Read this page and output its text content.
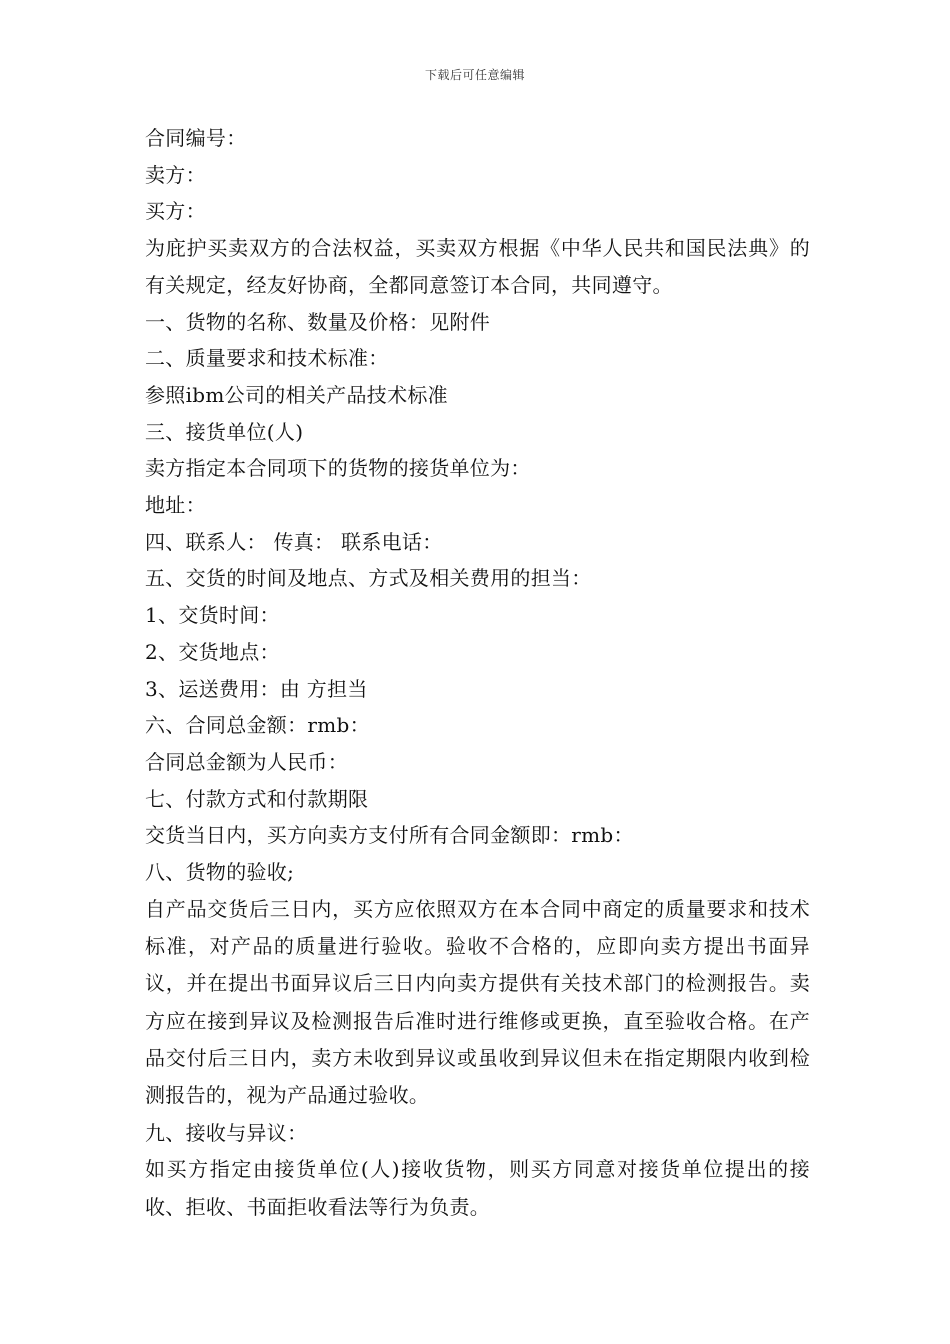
下载后可任意编辑
合同编号：
卖方：
买方：
为庇护买卖双方的合法权益，买卖双方根据《中华人民共和国民法典》的有关规定，经友好协商，全都同意签订本合同，共同遵守。
一、货物的名称、数量及价格：见附件
二、质量要求和技术标准：
参照ibm公司的相关产品技术标准
三、接货单位(人)
卖方指定本合同项下的货物的接货单位为：
地址：
四、联系人： 传真： 联系电话：
五、交货的时间及地点、方式及相关费用的担当：
1、交货时间：
2、交货地点：
3、运送费用：由 方担当
六、合同总金额：rmb：
合同总金额为人民币：
七、付款方式和付款期限
交货当日内，买方向卖方支付所有合同金额即：rmb：
八、货物的验收;
自产品交货后三日内，买方应依照双方在本合同中商定的质量要求和技术标准，对产品的质量进行验收。验收不合格的，应即向卖方提出书面异议，并在提出书面异议后三日内向卖方提供有关技术部门的检测报告。卖方应在接到异议及检测报告后准时进行维修或更换，直至验收合格。在产品交付后三日内，卖方未收到异议或虽收到异议但未在指定期限内收到检测报告的，视为产品通过验收。
九、接收与异议：
如买方指定由接货单位(人)接收货物，则买方同意对接货单位提出的接收、拒收、书面拒收看法等行为负责。
